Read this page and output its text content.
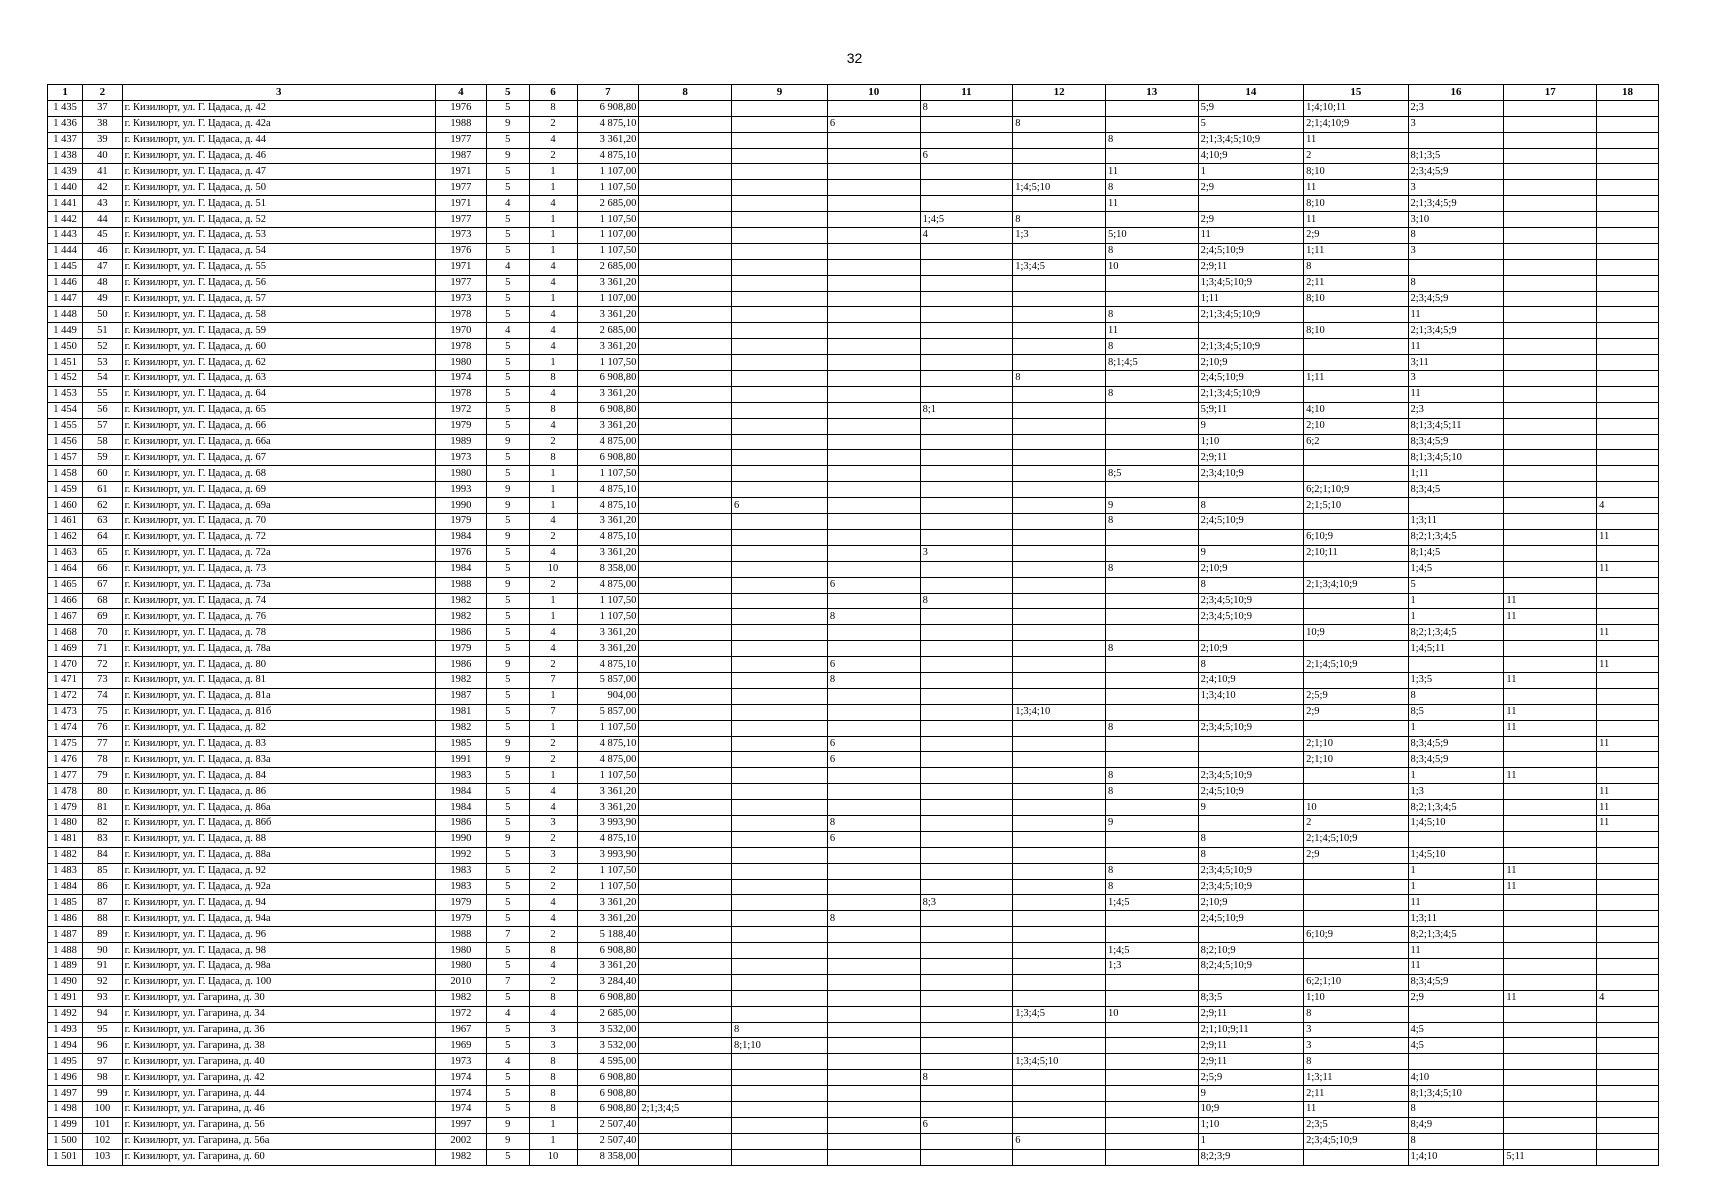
32
1	2	3	4	5	6	7	8	9	10	11	12	13	14	15	16	17	18
1 435	37	г. Кизилюрт, ул. Г. Цадаса, д. 42	1976	5	8	6 908,80				8			5;9	1;4;10;11	2;3		
1 436	38	г. Кизилюрт, ул. Г. Цадаса, д. 42а	1988	9	2	4 875,10			6		8		5	2;1;4;10;9	3		
1 437	39	г. Кизилюрт, ул. Г. Цадаса, д. 44	1977	5	4	3 361,20						8	2;1;3;4;5;10;9	11			
1 438	40	г. Кизилюрт, ул. Г. Цадаса, д. 46	1987	9	2	4 875,10				6			4;10;9	2	8;1;3;5		
1 439	41	г. Кизилюрт, ул. Г. Цадаса, д. 47	1971	5	1	1 107,00						11	1	8;10	2;3;4;5;9		
1 440	42	г. Кизилюрт, ул. Г. Цадаса, д. 50	1977	5	1	1 107,50					1;4;5;10	8	2;9	11	3		
1 441	43	г. Кизилюрт, ул. Г. Цадаса, д. 51	1971	4	4	2 685,00						11		8;10	2;1;3;4;5;9		
1 442	44	г. Кизилюрт, ул. Г. Цадаса, д. 52	1977	5	1	1 107,50				1;4;5	8		2;9	11	3;10		
1 443	45	г. Кизилюрт, ул. Г. Цадаса, д. 53	1973	5	1	1 107,00				4	1;3	5;10	11	2;9	8		
1 444	46	г. Кизилюрт, ул. Г. Цадаса, д. 54	1976	5	1	1 107,50						8	2;4;5;10;9	1;11	3		
1 445	47	г. Кизилюрт, ул. Г. Цадаса, д. 55	1971	4	4	2 685,00					1;3;4;5	10	2;9;11	8			
1 446	48	г. Кизилюрт, ул. Г. Цадаса, д. 56	1977	5	4	3 361,20							1;3;4;5;10;9	2;11	8		
1 447	49	г. Кизилюрт, ул. Г. Цадаса, д. 57	1973	5	1	1 107,00							1;11	8;10	2;3;4;5;9		
1 448	50	г. Кизилюрт, ул. Г. Цадаса, д. 58	1978	5	4	3 361,20						8	2;1;3;4;5;10;9		11		
1 449	51	г. Кизилюрт, ул. Г. Цадаса, д. 59	1970	4	4	2 685,00						11		8;10	2;1;3;4;5;9		
1 450	52	г. Кизилюрт, ул. Г. Цадаса, д. 60	1978	5	4	3 361,20						8	2;1;3;4;5;10;9		11		
1 451	53	г. Кизилюрт, ул. Г. Цадаса, д. 62	1980	5	1	1 107,50						8;1;4;5	2;10;9		3;11		
1 452	54	г. Кизилюрт, ул. Г. Цадаса, д. 63	1974	5	8	6 908,80					8		2;4;5;10;9	1;11	3		
1 453	55	г. Кизилюрт, ул. Г. Цадаса, д. 64	1978	5	4	3 361,20						8	2;1;3;4;5;10;9		11		
1 454	56	г. Кизилюрт, ул. Г. Цадаса, д. 65	1972	5	8	6 908,80				8;1			5;9;11	4;10	2;3		
1 455	57	г. Кизилюрт, ул. Г. Цадаса, д. 66	1979	5	4	3 361,20							9	2;10	8;1;3;4;5;11		
1 456	58	г. Кизилюрт, ул. Г. Цадаса, д. 66а	1989	9	2	4 875,00							1;10	6;2	8;3;4;5;9		
1 457	59	г. Кизилюрт, ул. Г. Цадаса, д. 67	1973	5	8	6 908,80							2;9;11		8;1;3;4;5;10		
1 458	60	г. Кизилюрт, ул. Г. Цадаса, д. 68	1980	5	1	1 107,50						8;5	2;3;4;10;9		1;11		
1 459	61	г. Кизилюрт, ул. Г. Цадаса, д. 69	1993	9	1	4 875,10								6;2;1;10;9	8;3;4;5		
1 460	62	г. Кизилюрт, ул. Г. Цадаса, д. 69а	1990	9	1	4 875,10		6				9	8	2;1;5;10			4
1 461	63	г. Кизилюрт, ул. Г. Цадаса, д. 70	1979	5	4	3 361,20						8	2;4;5;10;9		1;3;11		
1 462	64	г. Кизилюрт, ул. Г. Цадаса, д. 72	1984	9	2	4 875,10								6;10;9	8;2;1;3;4;5		11
1 463	65	г. Кизилюрт, ул. Г. Цадаса, д. 72а	1976	5	4	3 361,20				3			9	2;10;11	8;1;4;5		
1 464	66	г. Кизилюрт, ул. Г. Цадаса, д. 73	1984	5	10	8 358,00						8	2;10;9		1;4;5		11
1 465	67	г. Кизилюрт, ул. Г. Цадаса, д. 73а	1988	9	2	4 875,00			6				8	2;1;3;4;10;9	5		
1 466	68	г. Кизилюрт, ул. Г. Цадаса, д. 74	1982	5	1	1 107,50				8			2;3;4;5;10;9		1	11	
1 467	69	г. Кизилюрт, ул. Г. Цадаса, д. 76	1982	5	1	1 107,50			8				2;3;4;5;10;9		1	11	
1 468	70	г. Кизилюрт, ул. Г. Цадаса, д. 78	1986	5	4	3 361,20								10;9	8;2;1;3;4;5		11
1 469	71	г. Кизилюрт, ул. Г. Цадаса, д. 78а	1979	5	4	3 361,20						8	2;10;9		1;4;5;11		
1 470	72	г. Кизилюрт, ул. Г. Цадаса, д. 80	1986	9	2	4 875,10			6				8	2;1;4;5;10;9			11
1 471	73	г. Кизилюрт, ул. Г. Цадаса, д. 81	1982	5	7	5 857,00			8				2;4;10;9		1;3;5	11	
1 472	74	г. Кизилюрт, ул. Г. Цадаса, д. 81а	1987	5	1	904,00							1;3;4;10	2;5;9	8		
1 473	75	г. Кизилюрт, ул. Г. Цадаса, д. 81б	1981	5	7	5 857,00					1;3;4;10			2;9	8;5	11	
1 474	76	г. Кизилюрт, ул. Г. Цадаса, д. 82	1982	5	1	1 107,50						8	2;3;4;5;10;9		1	11	
1 475	77	г. Кизилюрт, ул. Г. Цадаса, д. 83	1985	9	2	4 875,10			6					2;1;10	8;3;4;5;9		11
1 476	78	г. Кизилюрт, ул. Г. Цадаса, д. 83а	1991	9	2	4 875,00			6					2;1;10	8;3;4;5;9		
1 477	79	г. Кизилюрт, ул. Г. Цадаса, д. 84	1983	5	1	1 107,50						8	2;3;4;5;10;9		1	11	
1 478	80	г. Кизилюрт, ул. Г. Цадаса, д. 86	1984	5	4	3 361,20						8	2;4;5;10;9		1;3		11
1 479	81	г. Кизилюрт, ул. Г. Цадаса, д. 86а	1984	5	4	3 361,20							9	10	8;2;1;3;4;5		11
1 480	82	г. Кизилюрт, ул. Г. Цадаса, д. 86б	1986	5	3	3 993,90			8			9		2	1;4;5;10		11
1 481	83	г. Кизилюрт, ул. Г. Цадаса, д. 88	1990	9	2	4 875,10			6				8	2;1;4;5;10;9			
1 482	84	г. Кизилюрт, ул. Г. Цадаса, д. 88а	1992	5	3	3 993,90							8	2;9	1;4;5;10		
1 483	85	г. Кизилюрт, ул. Г. Цадаса, д. 92	1983	5	2	1 107,50						8	2;3;4;5;10;9		1	11	
1 484	86	г. Кизилюрт, ул. Г. Цадаса, д. 92а	1983	5	2	1 107,50						8	2;3;4;5;10;9		1	11	
1 485	87	г. Кизилюрт, ул. Г. Цадаса, д. 94	1979	5	4	3 361,20				8;3		1;4;5	2;10;9		11		
1 486	88	г. Кизилюрт, ул. Г. Цадаса, д. 94а	1979	5	4	3 361,20			8				2;4;5;10;9		1;3;11		
1 487	89	г. Кизилюрт, ул. Г. Цадаса, д. 96	1988	7	2	5 188,40								6;10;9	8;2;1;3;4;5		
1 488	90	г. Кизилюрт, ул. Г. Цадаса, д. 98	1980	5	8	6 908,80						1;4;5	8;2;10;9		11		
1 489	91	г. Кизилюрт, ул. Г. Цадаса, д. 98а	1980	5	4	3 361,20						1;3	8;2;4;5;10;9		11		
1 490	92	г. Кизилюрт, ул. Г. Цадаса, д. 100	2010	7	2	3 284,40								6;2;1;10	8;3;4;5;9		
1 491	93	г. Кизилюрт, ул. Гагарина, д. 30	1982	5	8	6 908,80							8;3;5	1;10	2;9	11	4
1 492	94	г. Кизилюрт, ул. Гагарина, д. 34	1972	4	4	2 685,00					1;3;4;5	10	2;9;11	8			
1 493	95	г. Кизилюрт, ул. Гагарина, д. 36	1967	5	3	3 532,00		8					2;1;10;9;11	3	4;5		
1 494	96	г. Кизилюрт, ул. Гагарина, д. 38	1969	5	3	3 532,00		8;1;10					2;9;11	3	4;5		
1 495	97	г. Кизилюрт, ул. Гагарина, д. 40	1973	4	8	4 595,00					1;3;4;5;10		2;9;11	8			
1 496	98	г. Кизилюрт, ул. Гагарина, д. 42	1974	5	8	6 908,80				8			2;5;9	1;3;11	4;10		
1 497	99	г. Кизилюрт, ул. Гагарина, д. 44	1974	5	8	6 908,80							9	2;11	8;1;3;4;5;10		
1 498	100	г. Кизилюрт, ул. Гагарина, д. 46	1974	5	8	6 908,80	2;1;3;4;5						10;9	11	8		
1 499	101	г. Кизилюрт, ул. Гагарина, д. 56	1997	9	1	2 507,40				6			1;10	2;3;5	8;4;9		
1 500	102	г. Кизилюрт, ул. Гагарина, д. 56а	2002	9	1	2 507,40					6		1	2;3;4;5;10;9	8		
1 501	103	г. Кизилюрт, ул. Гагарина, д. 60	1982	5	10	8 358,00							8;2;3;9		1;4;10	5;11	
